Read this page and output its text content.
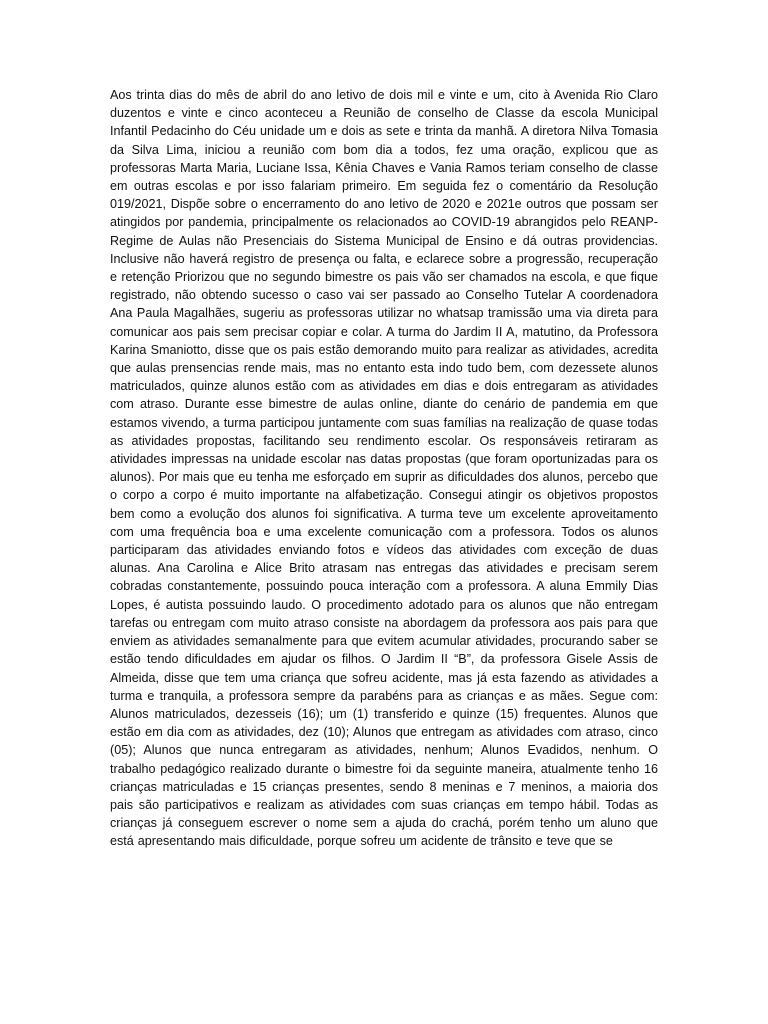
Aos trinta dias do mês de abril do ano letivo de dois mil e vinte e um, cito à Avenida Rio Claro duzentos e vinte e cinco aconteceu a Reunião de conselho de Classe da escola Municipal Infantil Pedacinho do Céu unidade um e dois as sete e trinta da manhã. A diretora Nilva Tomasia da Silva Lima, iniciou a reunião com bom dia a todos, fez uma oração, explicou que as professoras Marta Maria, Luciane Issa, Kênia Chaves e Vania Ramos teriam conselho de classe em outras escolas e por isso falariam primeiro. Em seguida fez o comentário da Resolução 019/2021, Dispõe sobre o encerramento do ano letivo de 2020 e 2021e outros que possam ser atingidos por pandemia, principalmente os relacionados ao COVID-19 abrangidos pelo REANP- Regime de Aulas não Presenciais do Sistema Municipal de Ensino e dá outras providencias. Inclusive não haverá registro de presença ou falta, e eclarece sobre a progressão, recuperação e retenção Priorizou que no segundo bimestre os pais vão ser chamados na escola, e que fique registrado, não obtendo sucesso o caso vai ser passado ao Conselho Tutelar A coordenadora Ana Paula Magalhães, sugeriu as professoras utilizar no whatsap tramissão uma via direta para comunicar aos pais sem precisar copiar e colar. A turma do Jardim II A, matutino, da Professora Karina Smaniotto, disse que os pais estão demorando muito para realizar as atividades, acredita que aulas prensencias rende mais, mas no entanto esta indo tudo bem, com dezessete alunos matriculados, quinze alunos estão com as atividades em dias e dois entregaram as atividades com atraso. Durante esse bimestre de aulas online, diante do cenário de pandemia em que estamos vivendo, a turma participou juntamente com suas famílias na realização de quase todas as atividades propostas, facilitando seu rendimento escolar. Os responsáveis retiraram as atividades impressas na unidade escolar nas datas propostas (que foram oportunizadas para os alunos). Por mais que eu tenha me esforçado em suprir as dificuldades dos alunos, percebo que o corpo a corpo é muito importante na alfabetização. Consegui atingir os objetivos propostos bem como a evolução dos alunos foi significativa. A turma teve um excelente aproveitamento com uma frequência boa e uma excelente comunicação com a professora. Todos os alunos participaram das atividades enviando fotos e vídeos das atividades com exceção de duas alunas. Ana Carolina e Alice Brito atrasam nas entregas das atividades e precisam serem cobradas constantemente, possuindo pouca interação com a professora. A aluna Emmily Dias Lopes, é autista possuindo laudo. O procedimento adotado para os alunos que não entregam tarefas ou entregam com muito atraso consiste na abordagem da professora aos pais para que enviem as atividades semanalmente para que evitem acumular atividades, procurando saber se estão tendo dificuldades em ajudar os filhos. O Jardim II “B”, da professora Gisele Assis de Almeida, disse que tem uma criança que sofreu acidente, mas já esta fazendo as atividades a turma e tranquila, a professora sempre da parabéns para as crianças e as mães. Segue com: Alunos matriculados, dezesseis (16); um (1) transferido e quinze (15) frequentes. Alunos que estão em dia com as atividades, dez (10); Alunos que entregam as atividades com atraso, cinco (05); Alunos que nunca entregaram as atividades, nenhum; Alunos Evadidos, nenhum. O trabalho pedagógico realizado durante o bimestre foi da seguinte maneira, atualmente tenho 16 crianças matriculadas e 15 crianças presentes, sendo 8 meninas e 7 meninos, a maioria dos pais são participativos e realizam as atividades com suas crianças em tempo hábil. Todas as crianças já conseguem escrever o nome sem a ajuda do crachá, porém tenho um aluno que está apresentando mais dificuldade, porque sofreu um acidente de trânsito e teve que se
